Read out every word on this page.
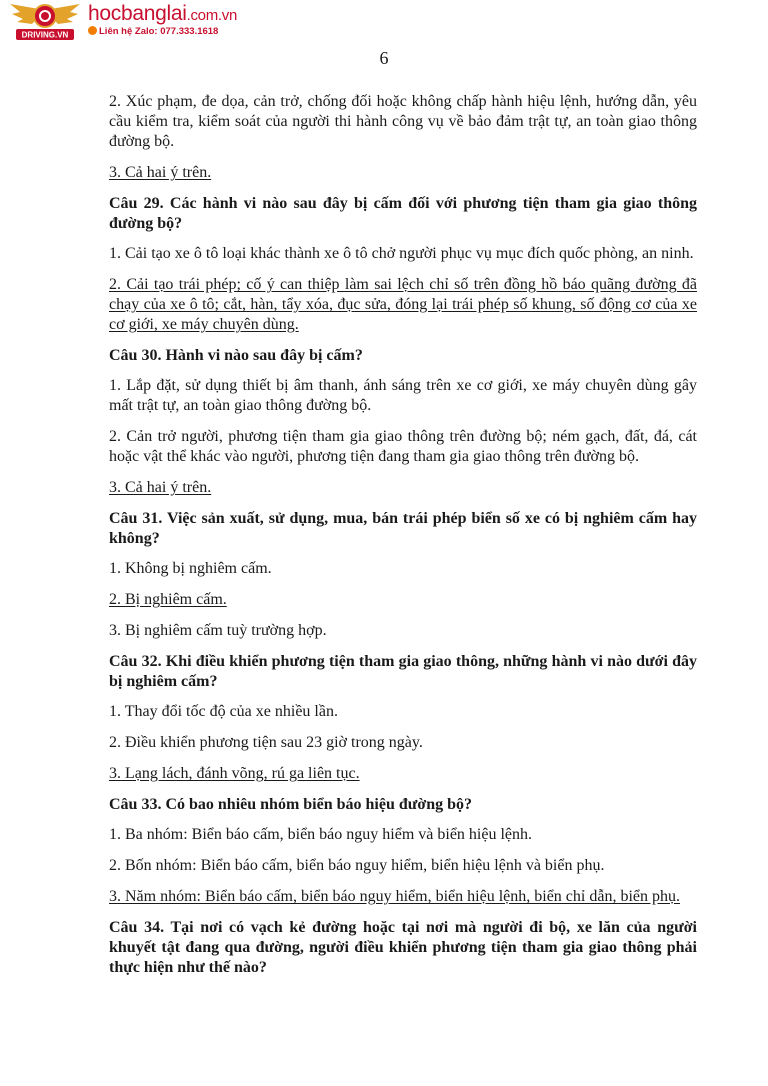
DRIVING.VN
hocbanglai.com.vn
Liên hệ Zalo: 077.333.1618
6

2. Xúc phạm, đe dọa, cản trở, chống đối hoặc không chấp hành hiệu lệnh, hướng dẫn, yêu cầu kiểm tra, kiểm soát của người thi hành công vụ về bảo đảm trật tự, an toàn giao thông đường bộ.

3. Cả hai ý trên.

Câu 29. Các hành vi nào sau đây bị cấm đối với phương tiện tham gia giao thông đường bộ?

1. Cải tạo xe ô tô loại khác thành xe ô tô chở người phục vụ mục đích quốc phòng, an ninh.

2. Cải tạo trái phép; cố ý can thiệp làm sai lệch chỉ số trên đồng hồ báo quãng đường đã chạy của xe ô tô; cắt, hàn, tẩy xóa, đục sửa, đóng lại trái phép số khung, số động cơ của xe cơ giới, xe máy chuyên dùng.

Câu 30. Hành vi nào sau đây bị cấm?

1. Lắp đặt, sử dụng thiết bị âm thanh, ánh sáng trên xe cơ giới, xe máy chuyên dùng gây mất trật tự, an toàn giao thông đường bộ.

2. Cản trở người, phương tiện tham gia giao thông trên đường bộ; ném gạch, đất, đá, cát hoặc vật thể khác vào người, phương tiện đang tham gia giao thông trên đường bộ.

3. Cả hai ý trên.

Câu 31. Việc sản xuất, sử dụng, mua, bán trái phép biển số xe có bị nghiêm cấm hay không?

1. Không bị nghiêm cấm.

2. Bị nghiêm cấm.

3. Bị nghiêm cấm tuỳ trường hợp.

Câu 32. Khi điều khiển phương tiện tham gia giao thông, những hành vi nào dưới đây bị nghiêm cấm?

1. Thay đổi tốc độ của xe nhiều lần.

2. Điều khiển phương tiện sau 23 giờ trong ngày.

3. Lạng lách, đánh võng, rú ga liên tục.

Câu 33. Có bao nhiêu nhóm biển báo hiệu đường bộ?

1. Ba nhóm: Biển báo cấm, biển báo nguy hiểm và biển hiệu lệnh.

2. Bốn nhóm: Biển báo cấm, biển báo nguy hiểm, biển hiệu lệnh và biển phụ.

3. Năm nhóm: Biển báo cấm, biển báo nguy hiểm, biển hiệu lệnh, biển chỉ dẫn, biển phụ.

Câu 34. Tại nơi có vạch kẻ đường hoặc tại nơi mà người đi bộ, xe lăn của người khuyết tật đang qua đường, người điều khiển phương tiện tham gia giao thông phải thực hiện như thế nào?
